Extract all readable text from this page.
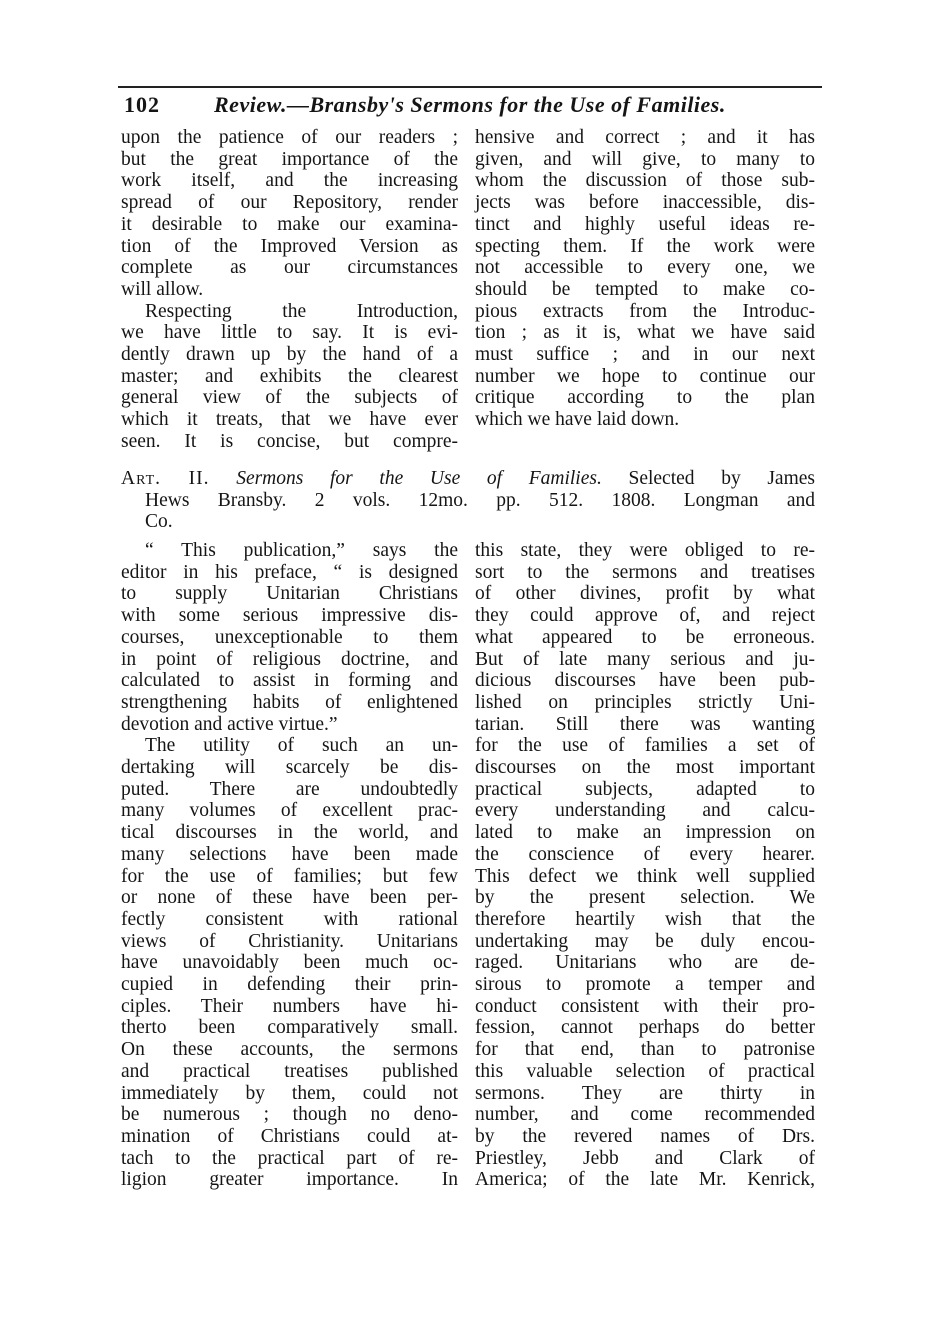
102 Review.—Bransby's Sermons for the Use of Families.
upon the patience of our readers ;
but the great importance of the
work itself, and the increasing
spread of our Repository, render
it desirable to make our examina-
tion of the Improved Version as
complete as our circumstances
will allow.
Respecting the Introduction,
we have little to say. It is evi-
dently drawn up by the hand of a
master; and exhibits the clearest
general view of the subjects of
which it treats, that we have ever
seen. It is concise, but compre-
hensive and correct ; and it has
given, and will give, to many to
whom the discussion of those sub-
jects was before inaccessible, dis-
tinct and highly useful ideas re-
specting them. If the work were
not accessible to every one, we
should be tempted to make co-
pious extracts from the Introduc-
tion ; as it is, what we have said
must suffice ; and in our next
number we hope to continue our
critique according to the plan
which we have laid down.
Art. II. Sermons for the Use of Families. Selected by James
Hews Bransby. 2 vols. 12mo. pp. 512. 1808. Longman and
Co.
“ This publication,” says the
editor in his preface, “ is designed
to supply Unitarian Christians
with some serious impressive dis-
courses, unexceptionable to them
in point of religious doctrine, and
calculated to assist in forming and
strengthening habits of enlightened
devotion and active virtue.”
The utility of such an un-
dertaking will scarcely be dis-
puted. There are undoubtedly
many volumes of excellent prac-
tical discourses in the world, and
many selections have been made
for the use of families; but few
or none of these have been per-
fectly consistent with rational
views of Christianity. Unitarians
have unavoidably been much oc-
cupied in defending their prin-
ciples. Their numbers have hi-
therto been comparatively small.
On these accounts, the sermons
and practical treatises published
immediately by them, could not
be numerous ; though no deno-
mination of Christians could at-
tach to the practical part of re-
ligion greater importance. In
this state, they were obliged to re-
sort to the sermons and treatises
of other divines, profit by what
they could approve of, and reject
what appeared to be erroneous.
But of late many serious and ju-
dicious discourses have been pub-
lished on principles strictly Uni-
tarian. Still there was wanting
for the use of families a set of
discourses on the most important
practical subjects, adapted to
every understanding and calcu-
lated to make an impression on
the conscience of every hearer.
This defect we think well supplied
by the present selection. We
therefore heartily wish that the
undertaking may be duly encou-
raged. Unitarians who are de-
sirous to promote a temper and
conduct consistent with their pro-
fession, cannot perhaps do better
for that end, than to patronise
this valuable selection of practical
sermons. They are thirty in
number, and come recommended
by the revered names of Drs.
Priestley, Jebb and Clark of
America; of the late Mr. Kenrick,
